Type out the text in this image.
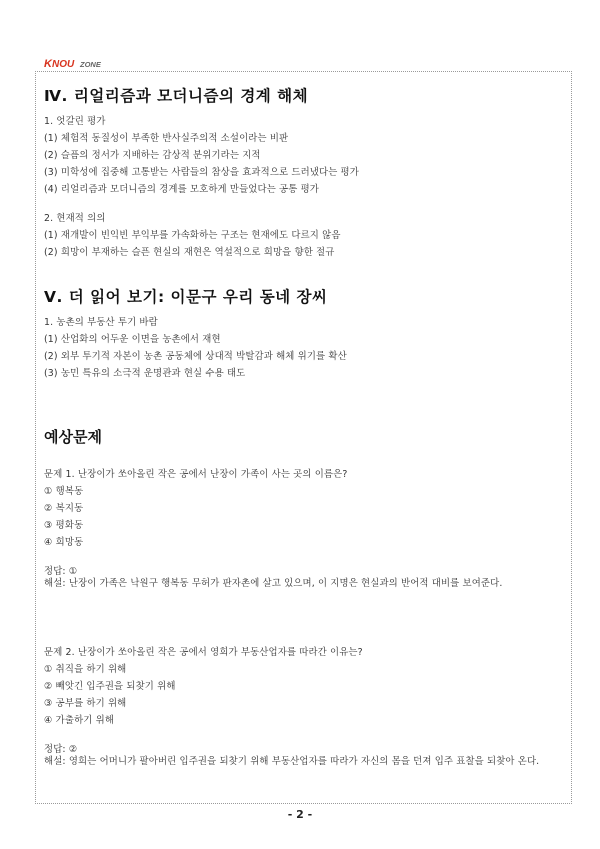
K NOU ZONE
Ⅳ. 리얼리즘과 모더니즘의 경계 해체
1. 엇갈린 평가
(1) 체험적 동질성이 부족한 반사실주의적 소설이라는 비판
(2) 슬픔의 정서가 지배하는 감상적 분위기라는 지적
(3) 미학성에 집중해 고통받는 사람들의 참상을 효과적으로 드러냈다는 평가
(4) 리얼리즘과 모더니즘의 경계를 모호하게 만들었다는 공통 평가
2. 현재적 의의
(1) 재개발이 빈익빈 부익부를 가속화하는 구조는 현재에도 다르지 않음
(2) 희망이 부재하는 슬픈 현실의 재현은 역설적으로 희망을 향한 절규
Ⅴ. 더 읽어 보기: 이문구 우리 동네 장씨
1. 농촌의 부동산 투기 바람
(1) 산업화의 어두운 이면을 농촌에서 재현
(2) 외부 투기적 자본이 농촌 공동체에 상대적 박탈감과 해체 위기를 확산
(3) 농민 특유의 소극적 운명관과 현실 수용 태도
예상문제
문제 1. 난장이가 쏘아올린 작은 공에서 난장이 가족이 사는 곳의 이름은?
① 행복동
② 복지동
③ 평화동
④ 희망동
정답: ①
해설: 난장이 가족은 낙원구 행복동 무허가 판자촌에 살고 있으며, 이 지명은 현실과의 반어적 대비를 보여준다.
문제 2. 난장이가 쏘아올린 작은 공에서 영희가 부동산업자를 따라간 이유는?
① 취직을 하기 위해
② 빼앗긴 입주권을 되찾기 위해
③ 공부를 하기 위해
④ 가출하기 위해
정답: ②
해설: 영희는 어머니가 팔아버린 입주권을 되찾기 위해 부동산업자를 따라가 자신의 몸을 던져 입주 표찰을 되찾아 온다.
- 2 -
